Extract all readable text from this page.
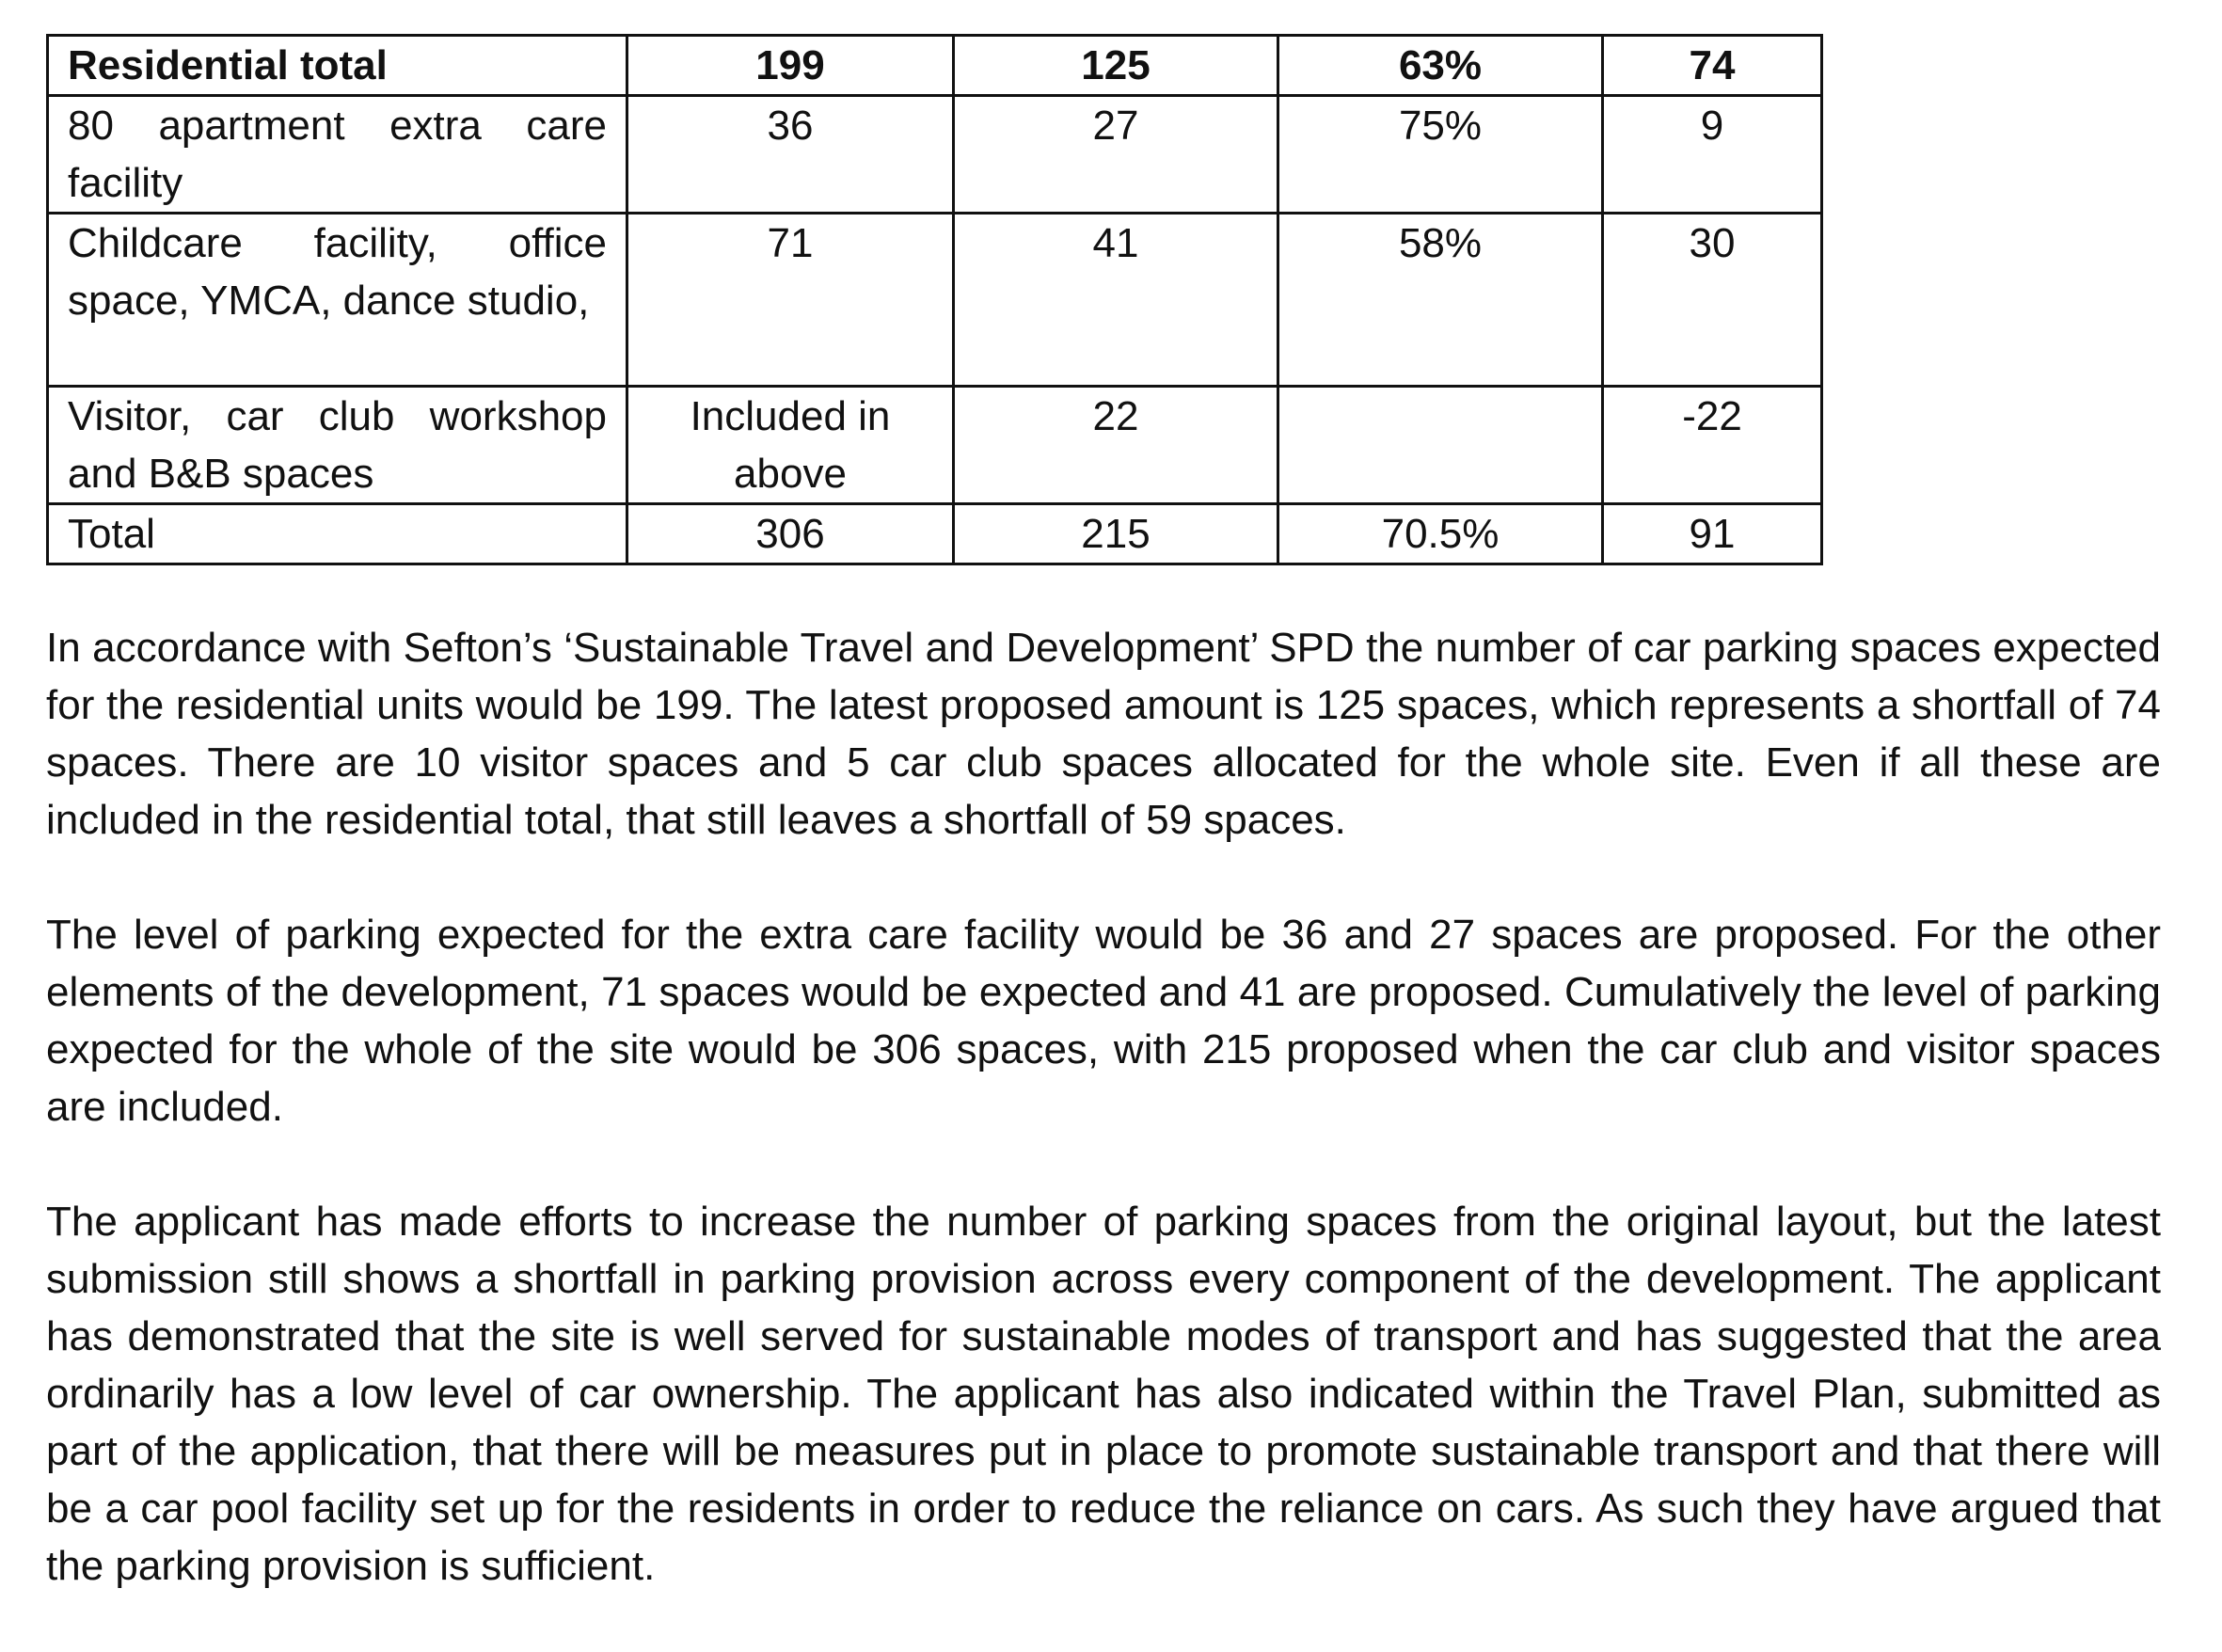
Residential total	199	125	63%	74
80 apartment extra care facility	36	27	75%	9
Childcare facility, office space, YMCA, dance studio,	71	41	58%	30
Visitor, car club workshop and B&B spaces	Included in above	22		-22
Total	306	215	70.5%	91

In accordance with Sefton’s ‘Sustainable Travel and Development’ SPD the number of car parking spaces expected for the residential units would be 199. The latest proposed amount is 125 spaces, which represents a shortfall of 74 spaces. There are 10 visitor spaces and 5 car club spaces allocated for the whole site. Even if all these are included in the residential total, that still leaves a shortfall of 59 spaces.

The level of parking expected for the extra care facility would be 36 and 27 spaces are proposed. For the other elements of the development, 71 spaces would be expected and 41 are proposed. Cumulatively the level of parking expected for the whole of the site would be 306 spaces, with 215 proposed when the car club and visitor spaces are included.

The applicant has made efforts to increase the number of parking spaces from the original layout, but the latest submission still shows a shortfall in parking provision across every component of the development. The applicant has demonstrated that the site is well served for sustainable modes of transport and has suggested that the area ordinarily has a low level of car ownership. The applicant has also indicated within the Travel Plan, submitted as part of the application, that there will be measures put in place to promote sustainable transport and that there will be a car pool facility set up for the residents in order to reduce the reliance on cars. As such they have argued that the parking provision is sufficient.
